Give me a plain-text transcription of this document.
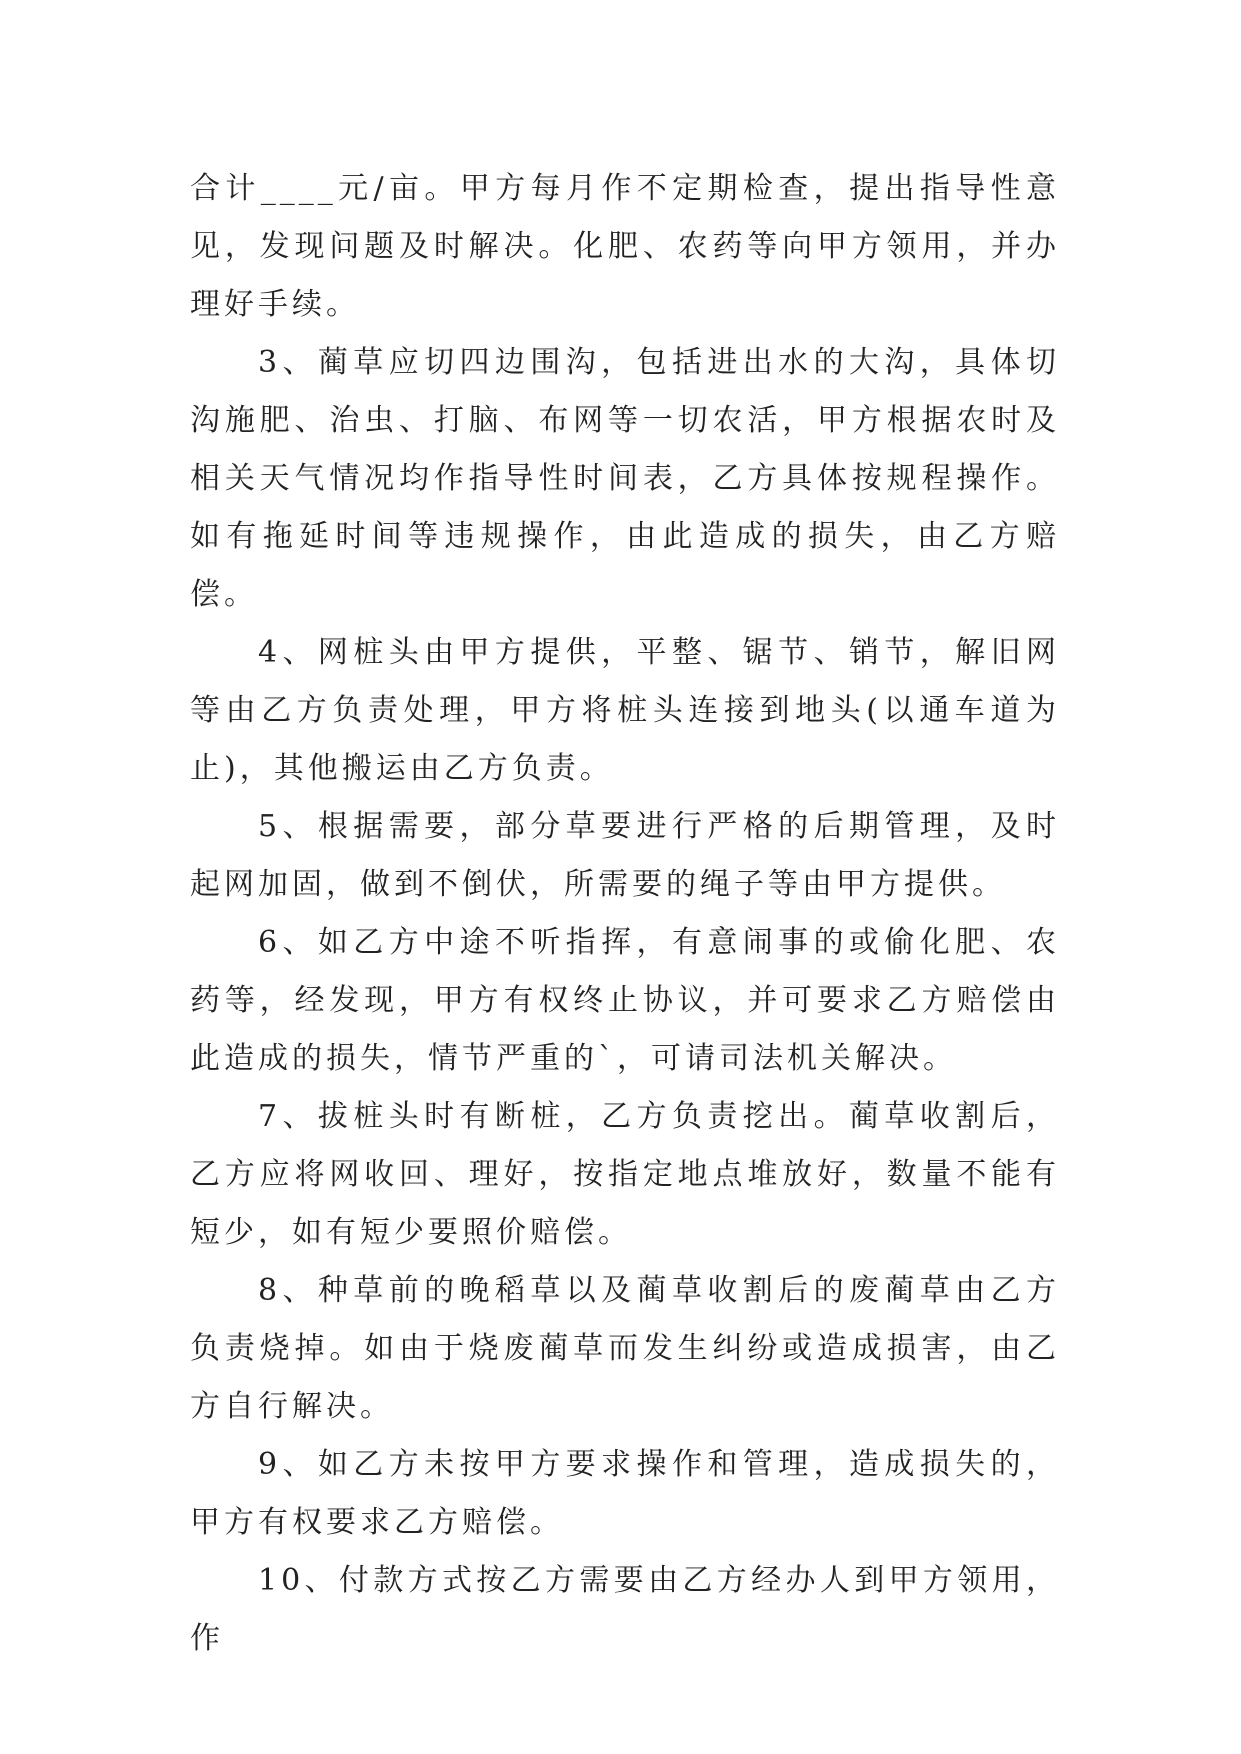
合计____元/亩。甲方每月作不定期检查，提出指导性意见，发现问题及时解决。化肥、农药等向甲方领用，并办理好手续。

3、蔺草应切四边围沟，包括进出水的大沟，具体切沟施肥、治虫、打脑、布网等一切农活，甲方根据农时及相关天气情况均作指导性时间表，乙方具体按规程操作。如有拖延时间等违规操作，由此造成的损失，由乙方赔偿。

4、网桩头由甲方提供，平整、锯节、销节，解旧网等由乙方负责处理，甲方将桩头连接到地头(以通车道为止)，其他搬运由乙方负责。

5、根据需要，部分草要进行严格的后期管理，及时起网加固，做到不倒伏，所需要的绳子等由甲方提供。

6、如乙方中途不听指挥，有意闹事的或偷化肥、农药等，经发现，甲方有权终止协议，并可要求乙方赔偿由此造成的损失，情节严重的`，可请司法机关解决。

7、拔桩头时有断桩，乙方负责挖出。蔺草收割后，乙方应将网收回、理好，按指定地点堆放好，数量不能有短少，如有短少要照价赔偿。

8、种草前的晚稻草以及蔺草收割后的废蔺草由乙方负责烧掉。如由于烧废蔺草而发生纠纷或造成损害，由乙方自行解决。

9、如乙方未按甲方要求操作和管理，造成损失的，甲方有权要求乙方赔偿。

10、付款方式按乙方需要由乙方经办人到甲方领用，作
